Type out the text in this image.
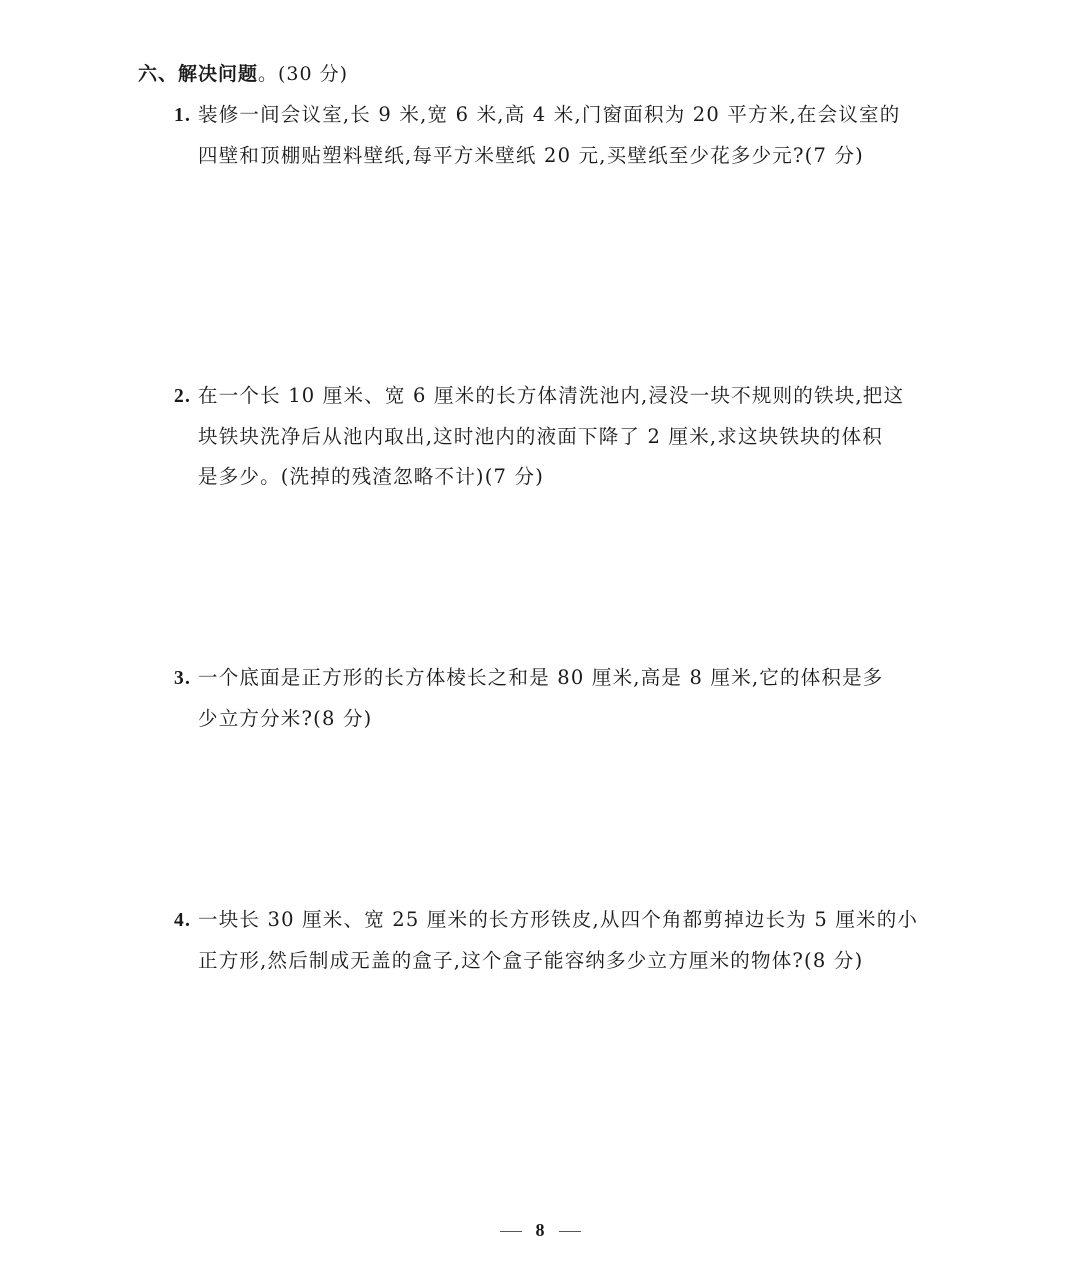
六、解决问题。(30 分)

1. 装修一间会议室,长 9 米,宽 6 米,高 4 米,门窗面积为 20 平方米,在会议室的

四壁和顶棚贴塑料壁纸,每平方米壁纸 20 元,买壁纸至少花多少元?(7 分)

2. 在一个长 10 厘米、宽 6 厘米的长方体清洗池内,浸没一块不规则的铁块,把这

块铁块洗净后从池内取出,这时池内的液面下降了 2 厘米,求这块铁块的体积

是多少。(洗掉的残渣忽略不计)(7 分)

3. 一个底面是正方形的长方体棱长之和是 80 厘米,高是 8 厘米,它的体积是多

少立方分米?(8 分)

4. 一块长 30 厘米、宽 25 厘米的长方形铁皮,从四个角都剪掉边长为 5 厘米的小

正方形,然后制成无盖的盒子,这个盒子能容纳多少立方厘米的物体?(8 分)

8
